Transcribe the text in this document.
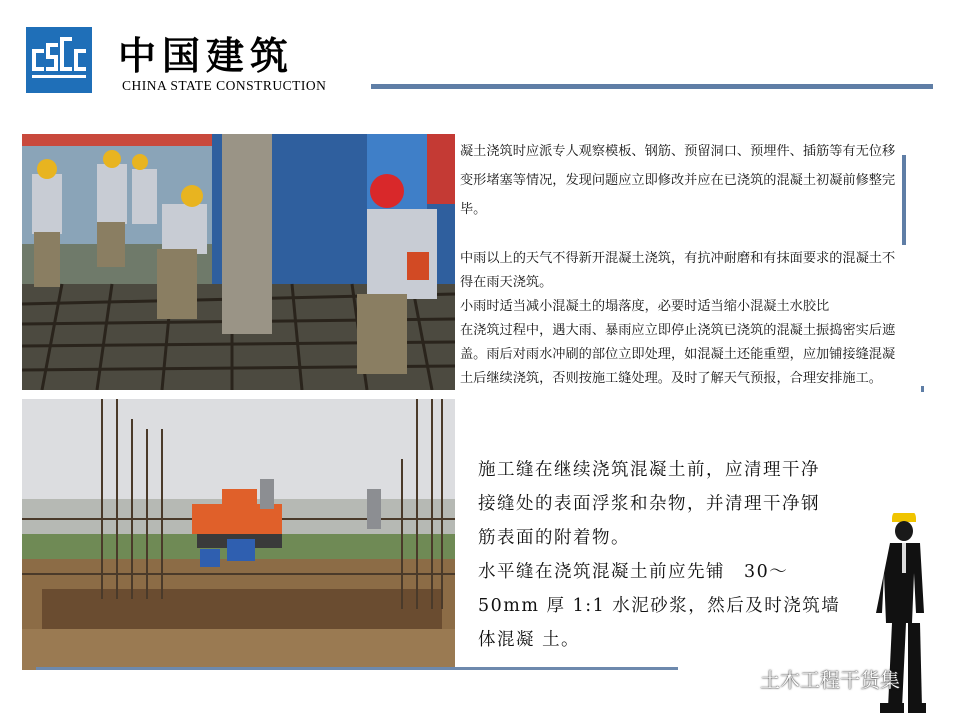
中国建筑
CHINA STATE CONSTRUCTION
凝土浇筑时应派专人观察模板、钢筋、预留洞口、预埋件、插筋等有无位移
变形堵塞等情况，发现问题应立即修改并应在已浇筑的混凝土初凝前修整完
毕。
中雨以上的天气不得新开混凝土浇筑，有抗冲耐磨和有抹面要求的混凝土不
得在雨天浇筑。
小雨时适当减小混凝土的塌落度，必要时适当缩小混凝土水胶比
在浇筑过程中，遇大雨、暴雨应立即停止浇筑已浇筑的混凝土振捣密实后遮
盖。雨后对雨水冲刷的部位立即处理，如混凝土还能重塑，应加铺接缝混凝
土后继续浇筑，否则按施工缝处理。及时了解天气预报，合理安排施工。
施工缝在继续浇筑混凝土前，应清理干净
接缝处的表面浮浆和杂物，并清理干净钢
筋表面的附着物。
水平缝在浇筑混凝土前应先铺　30～
50mm 厚 1:1 水泥砂浆，然后及时浇筑墙
体混凝 土。
土木工程干货集
